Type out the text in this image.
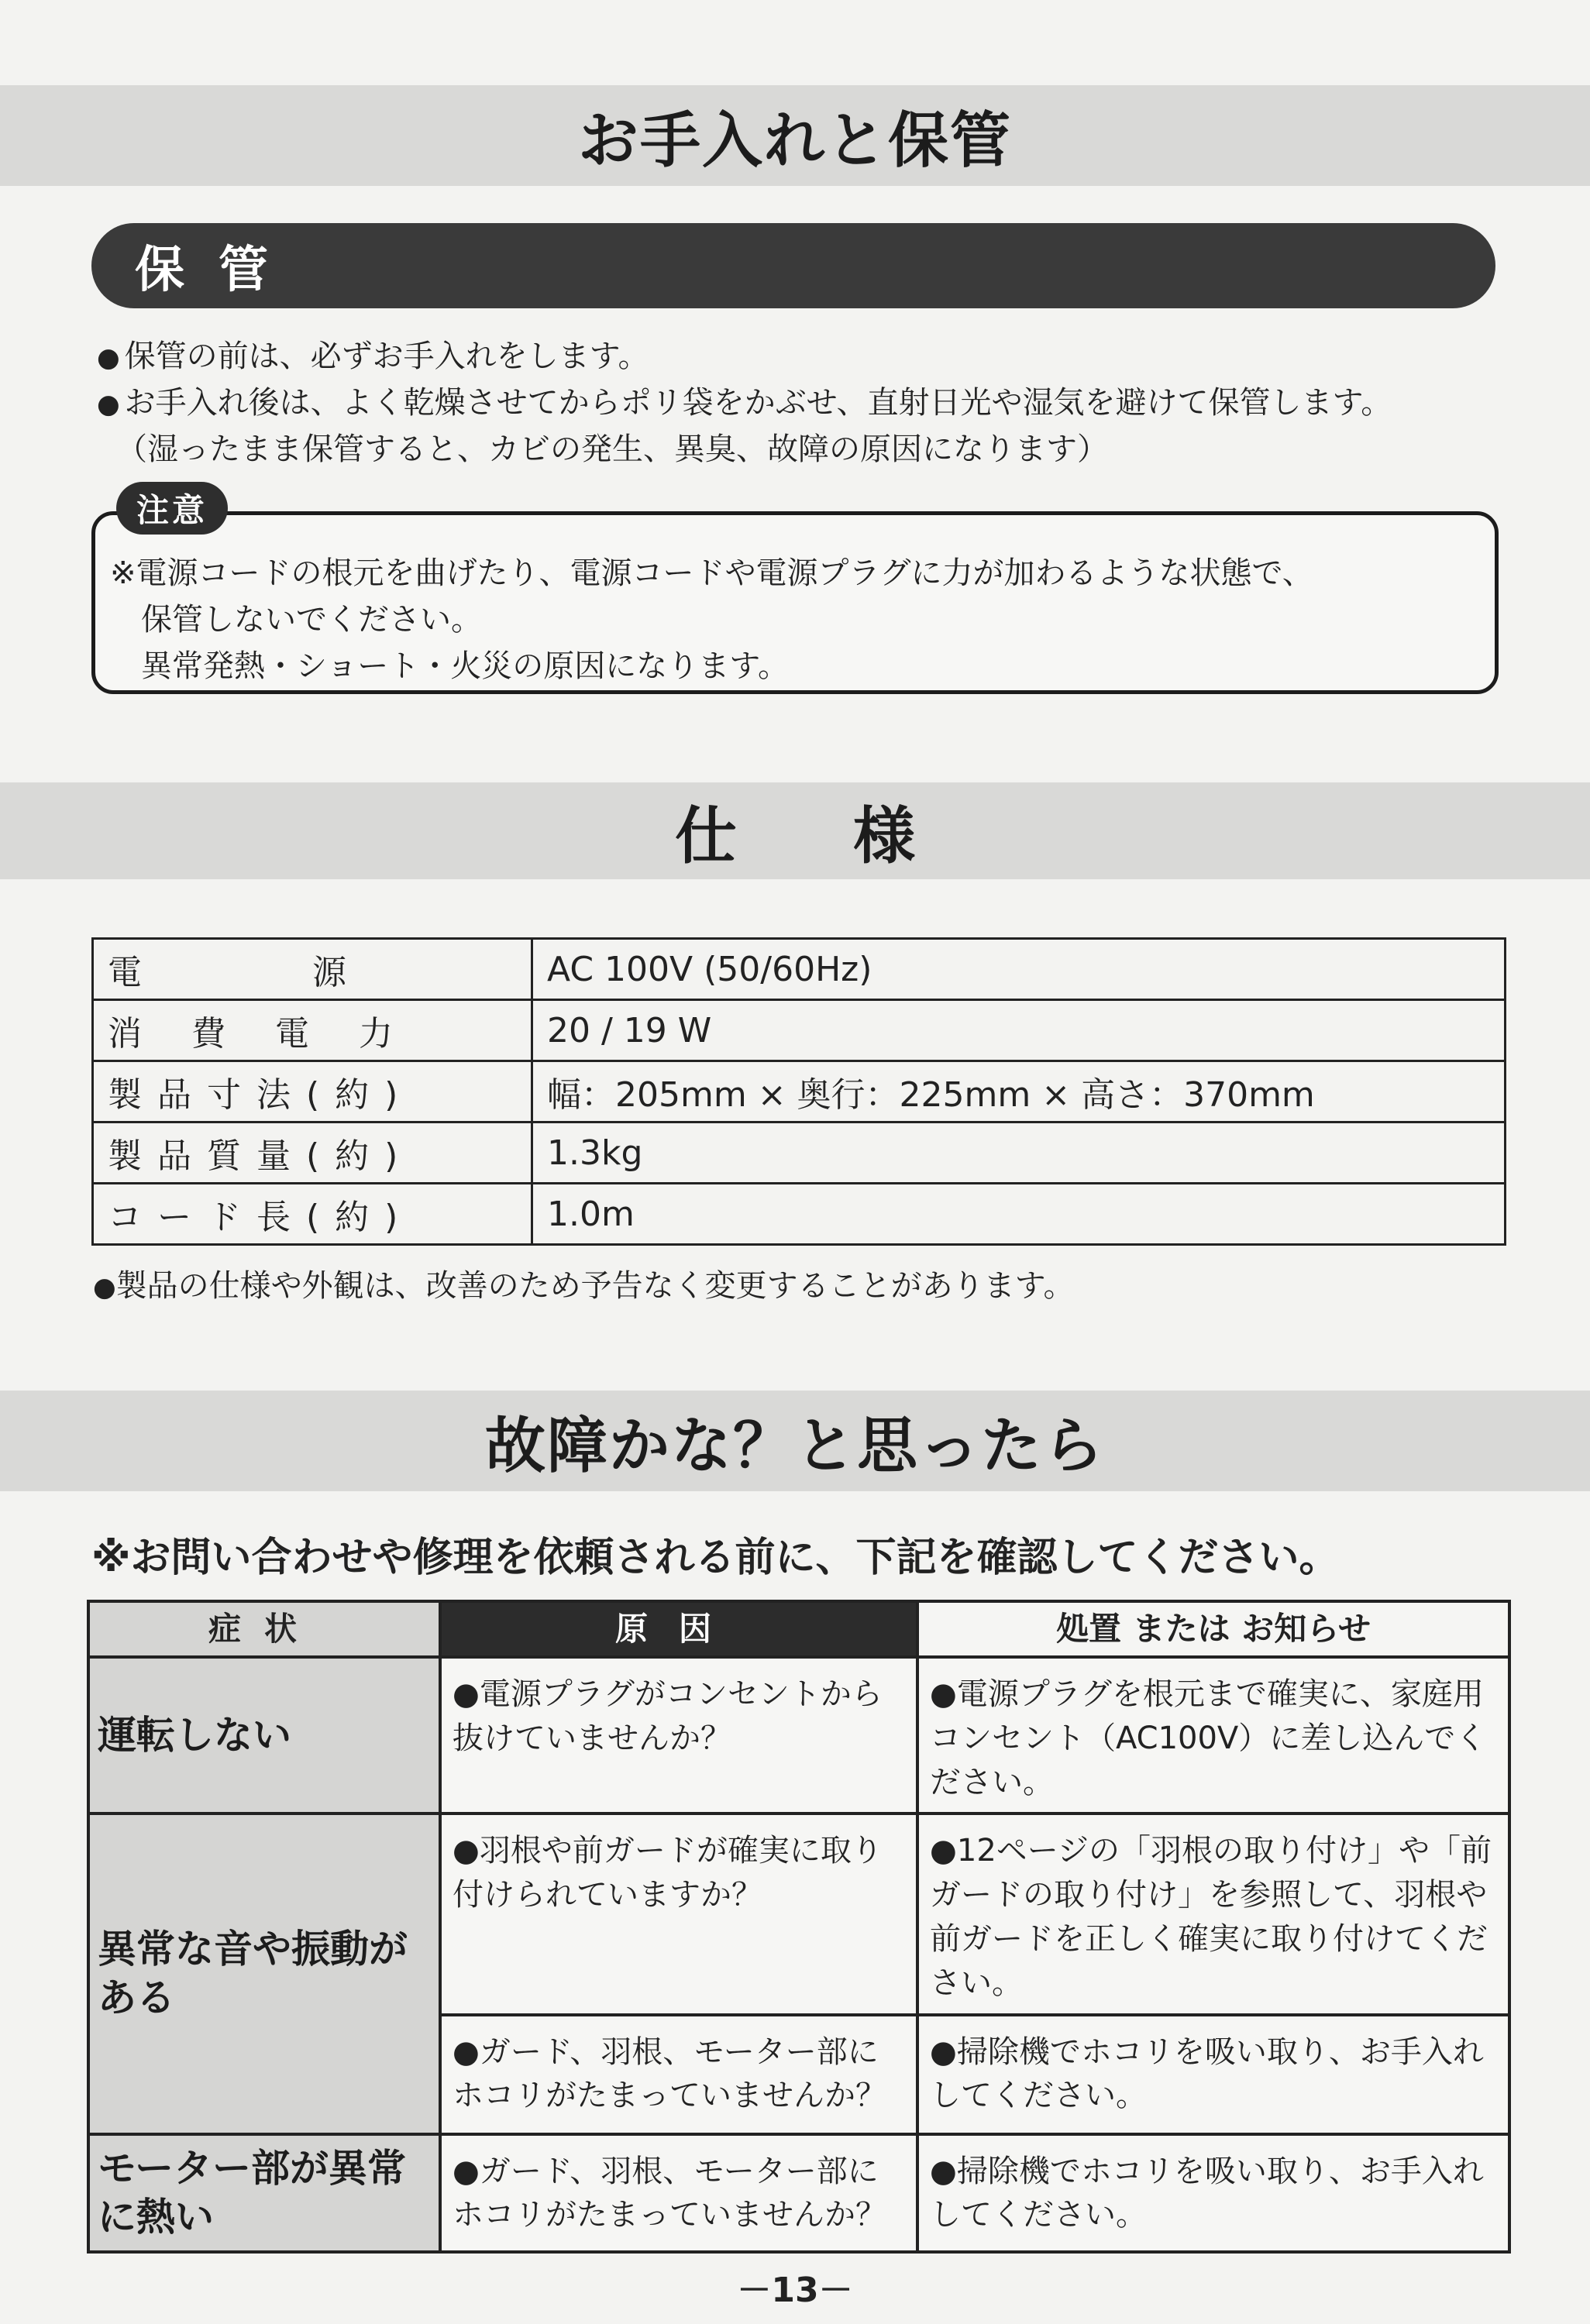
お手入れと保管
保管
● 保管の前は、必ずお手入れをします。
● お手入れ後は、よく乾燥させてからポリ袋をかぶせ、直射日光や湿気を避けて保管します。
（湿ったまま保管すると、カビの発生、異臭、故障の原因になります）
注意
※電源コードの根元を曲げたり、電源コードや電源プラグに力が加わるような状態で、
保管しないでください。
異常発熱・ショート・火災の原因になります。
仕様
電源	AC 100V (50/60Hz)
消費電力	20 / 19 W
製品寸法(約)	幅：205mm × 奥行：225mm × 高さ：370mm
製品質量(約)	1.3kg
コード長(約)	1.0m
●製品の仕様や外観は、改善のため予告なく変更することがあります。
故障かな？と思ったら
※お問い合わせや修理を依頼される前に、下記を確認してください。
症状	原因	処置 または お知らせ
運転しない	●電源プラグがコンセントから抜けていませんか？	●電源プラグを根元まで確実に、家庭用コンセント（AC100V）に差し込んでください。
異常な音や振動がある	●羽根や前ガードが確実に取り付けられていますか？	●12ページの「羽根の取り付け」や「前ガードの取り付け」を参照して、羽根や前ガードを正しく確実に取り付けてください。
	●ガード、羽根、モーター部にホコリがたまっていませんか？	●掃除機でホコリを吸い取り、お手入れしてください。
モーター部が異常に熱い	●ガード、羽根、モーター部にホコリがたまっていませんか？	●掃除機でホコリを吸い取り、お手入れしてください。
－13－
